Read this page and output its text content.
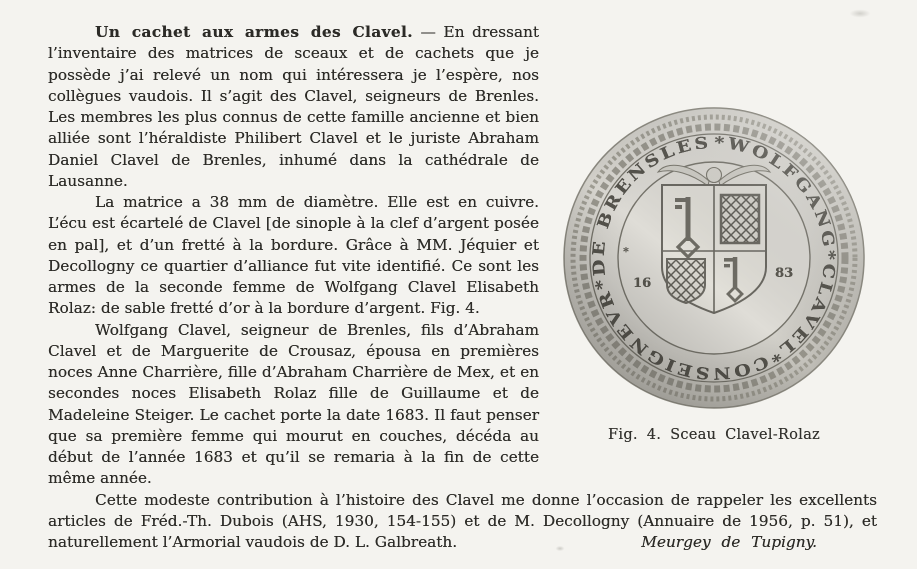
Fig. 4. Sceau Clavel-Rolaz

Un cachet aux armes des Clavel. — En dressant l’inventaire des matrices de sceaux et de cachets que je possède j’ai relevé un nom qui intéressera je l’espère, nos collègues vaudois. Il s’agit des Clavel, seigneurs de Brenles. Les membres les plus connus de cette famille ancienne et bien alliée sont l’héraldiste Philibert Clavel et le juriste Abraham Daniel Clavel de Brenles, inhumé dans la cathédrale de Lausanne.

La matrice a 38 mm de diamètre. Elle est en cuivre. L’écu est écartelé de Clavel [de sinople à la clef d’argent posée en pal], et d’un fretté à la bordure. Grâce à MM. Jéquier et Decollogny ce quartier d’alliance fut vite identifié. Ce sont les armes de la seconde femme de Wolfgang Clavel Elisabeth Rolaz: de sable fretté d’or à la bordure d’argent. Fig. 4.

Wolfgang Clavel, seigneur de Brenles, fils d’Abraham Clavel et de Marguerite de Crousaz, épousa en premières noces Anne Charrière, fille d’Abraham Charrière de Mex, et en secondes noces Elisabeth Rolaz fille de Guillaume et de Madeleine Steiger. Le cachet porte la date 1683. Il faut penser que sa première femme qui mourut en couches, décéda au début de l’année 1683 et qu’il se remaria à la fin de cette même année.

Cette modeste contribution à l’histoire des Clavel me donne l’occasion de rappeler les excellents articles de Fréd.-Th. Dubois (AHS, 1930, 154-155) et de M. Decollogny (Annuaire de 1956, p. 51), et naturellement l’Armorial vaudois de D. L. Galbreath.	Meurgey de Tupigny.
